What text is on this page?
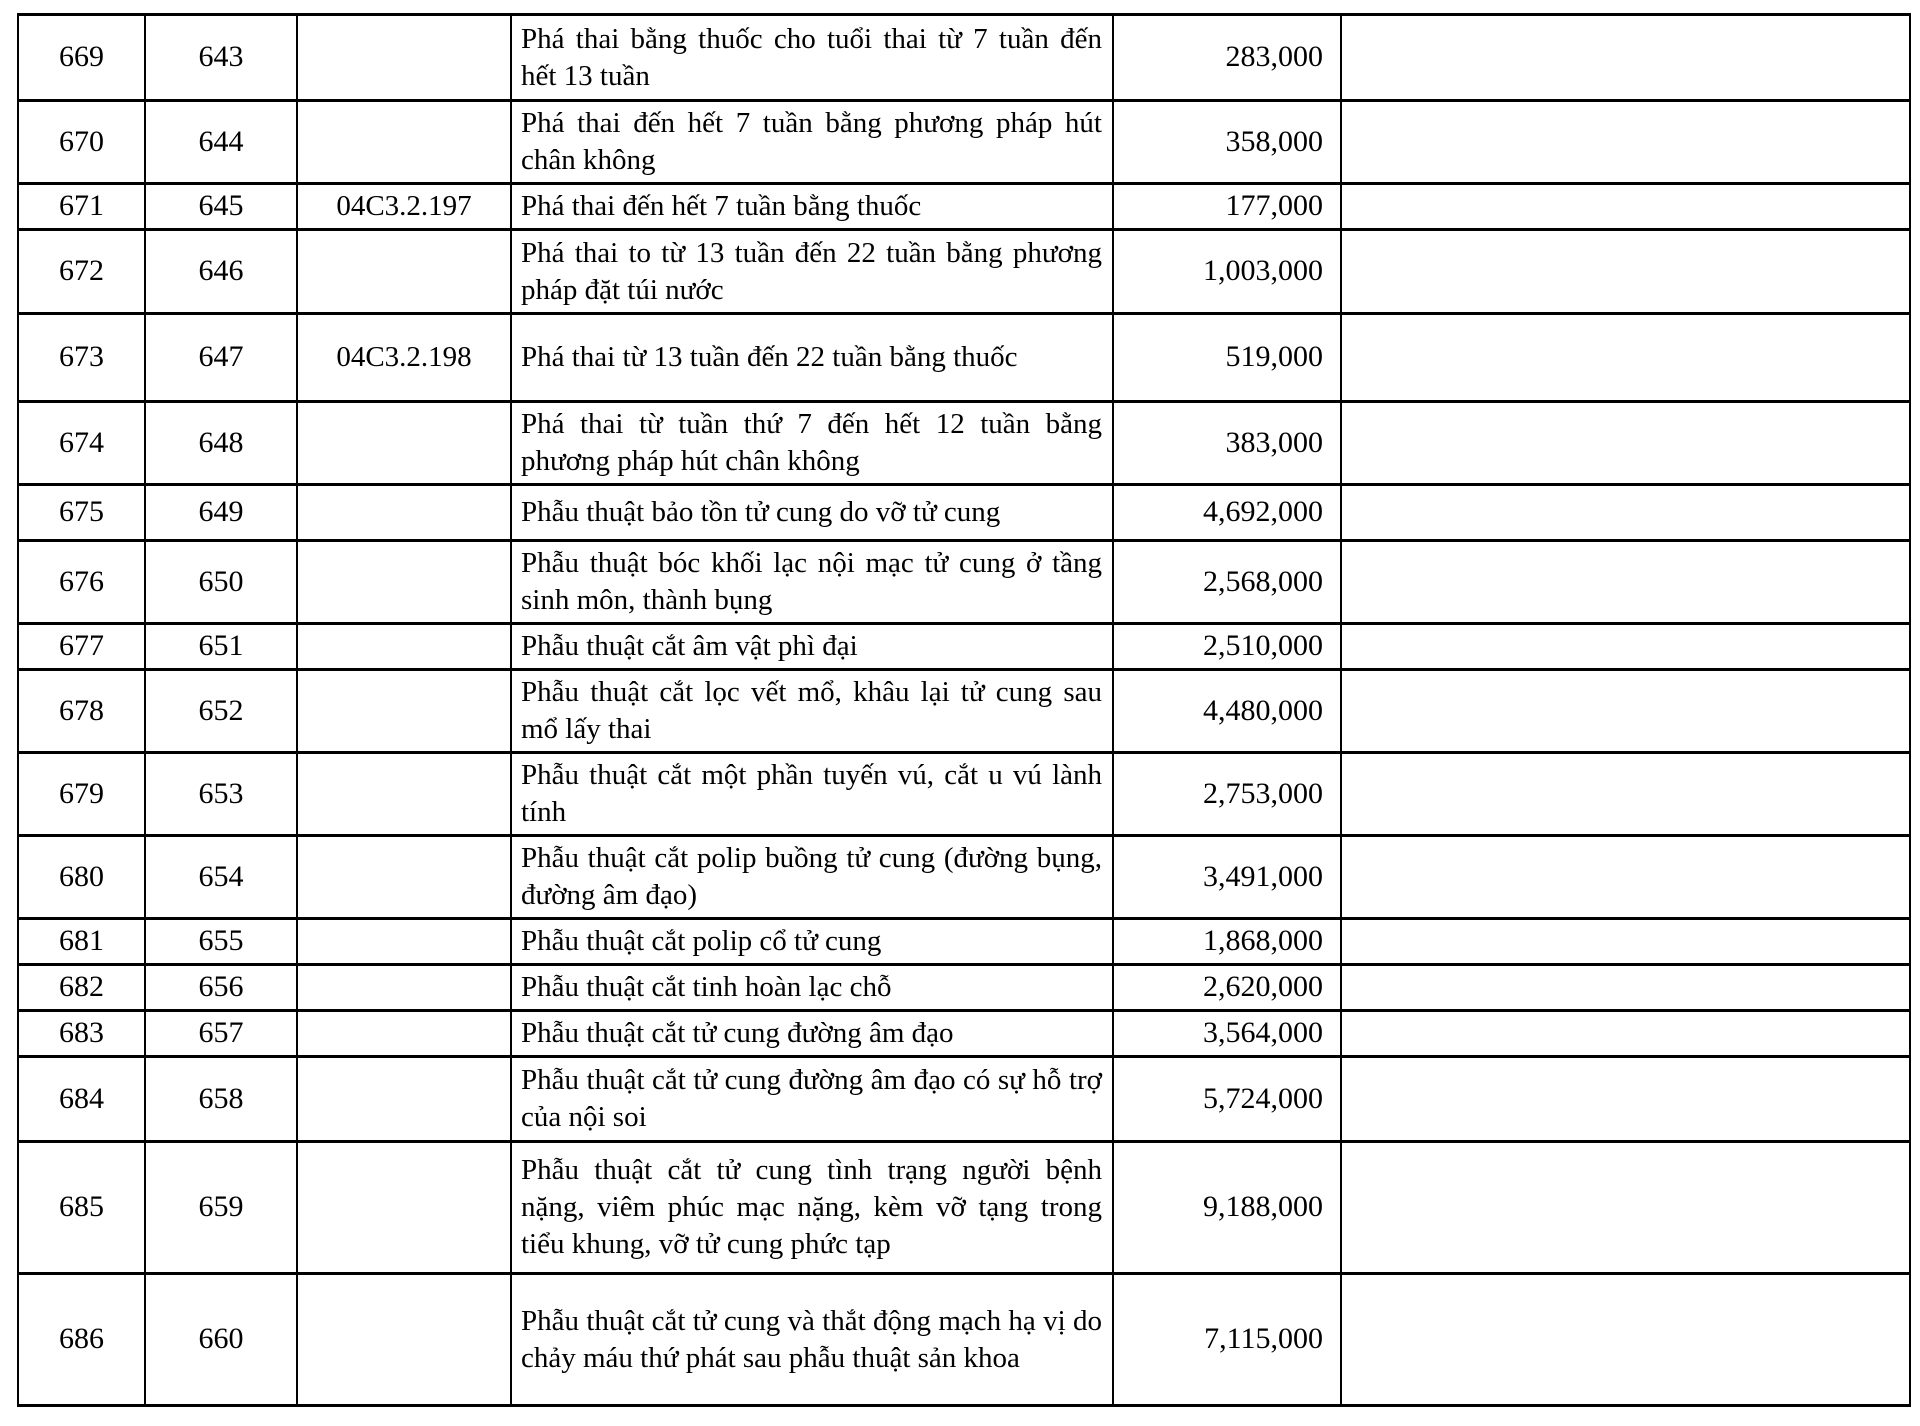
669	643		Phá thai bằng thuốc cho tuổi thai từ 7 tuần đến hết 13 tuần	283,000	
670	644		Phá thai đến hết 7 tuần bằng phương pháp hút chân không	358,000	
671	645	04C3.2.197	Phá thai đến hết 7 tuần bằng thuốc	177,000	
672	646		Phá thai to từ 13 tuần đến 22 tuần bằng phương pháp đặt túi nước	1,003,000	
673	647	04C3.2.198	Phá thai từ 13 tuần đến 22 tuần bằng thuốc	519,000	
674	648		Phá thai từ tuần thứ 7 đến hết 12 tuần bằng phương pháp hút chân không	383,000	
675	649		Phẫu thuật bảo tồn tử cung do vỡ tử cung	4,692,000	
676	650		Phẫu thuật bóc khối lạc nội mạc tử cung ở tầng sinh môn, thành bụng	2,568,000	
677	651		Phẫu thuật cắt âm vật phì đại	2,510,000	
678	652		Phẫu thuật cắt lọc vết mổ, khâu lại tử cung sau mổ lấy thai	4,480,000	
679	653		Phẫu thuật cắt một phần tuyến vú, cắt u vú lành tính	2,753,000	
680	654		Phẫu thuật cắt polip buồng tử cung (đường bụng, đường âm đạo)	3,491,000	
681	655		Phẫu thuật cắt polip cổ tử cung	1,868,000	
682	656		Phẫu thuật cắt tinh hoàn lạc chỗ	2,620,000	
683	657		Phẫu thuật cắt tử cung đường âm đạo	3,564,000	
684	658		Phẫu thuật cắt tử cung đường âm đạo có sự hỗ trợ của nội soi	5,724,000	
685	659		Phẫu thuật cắt tử cung tình trạng người bệnh nặng, viêm phúc mạc nặng, kèm vỡ tạng trong tiểu khung, vỡ tử cung phức tạp	9,188,000	
686	660		Phẫu thuật cắt tử cung và thắt động mạch hạ vị do chảy máu thứ phát sau phẫu thuật sản khoa	7,115,000	
